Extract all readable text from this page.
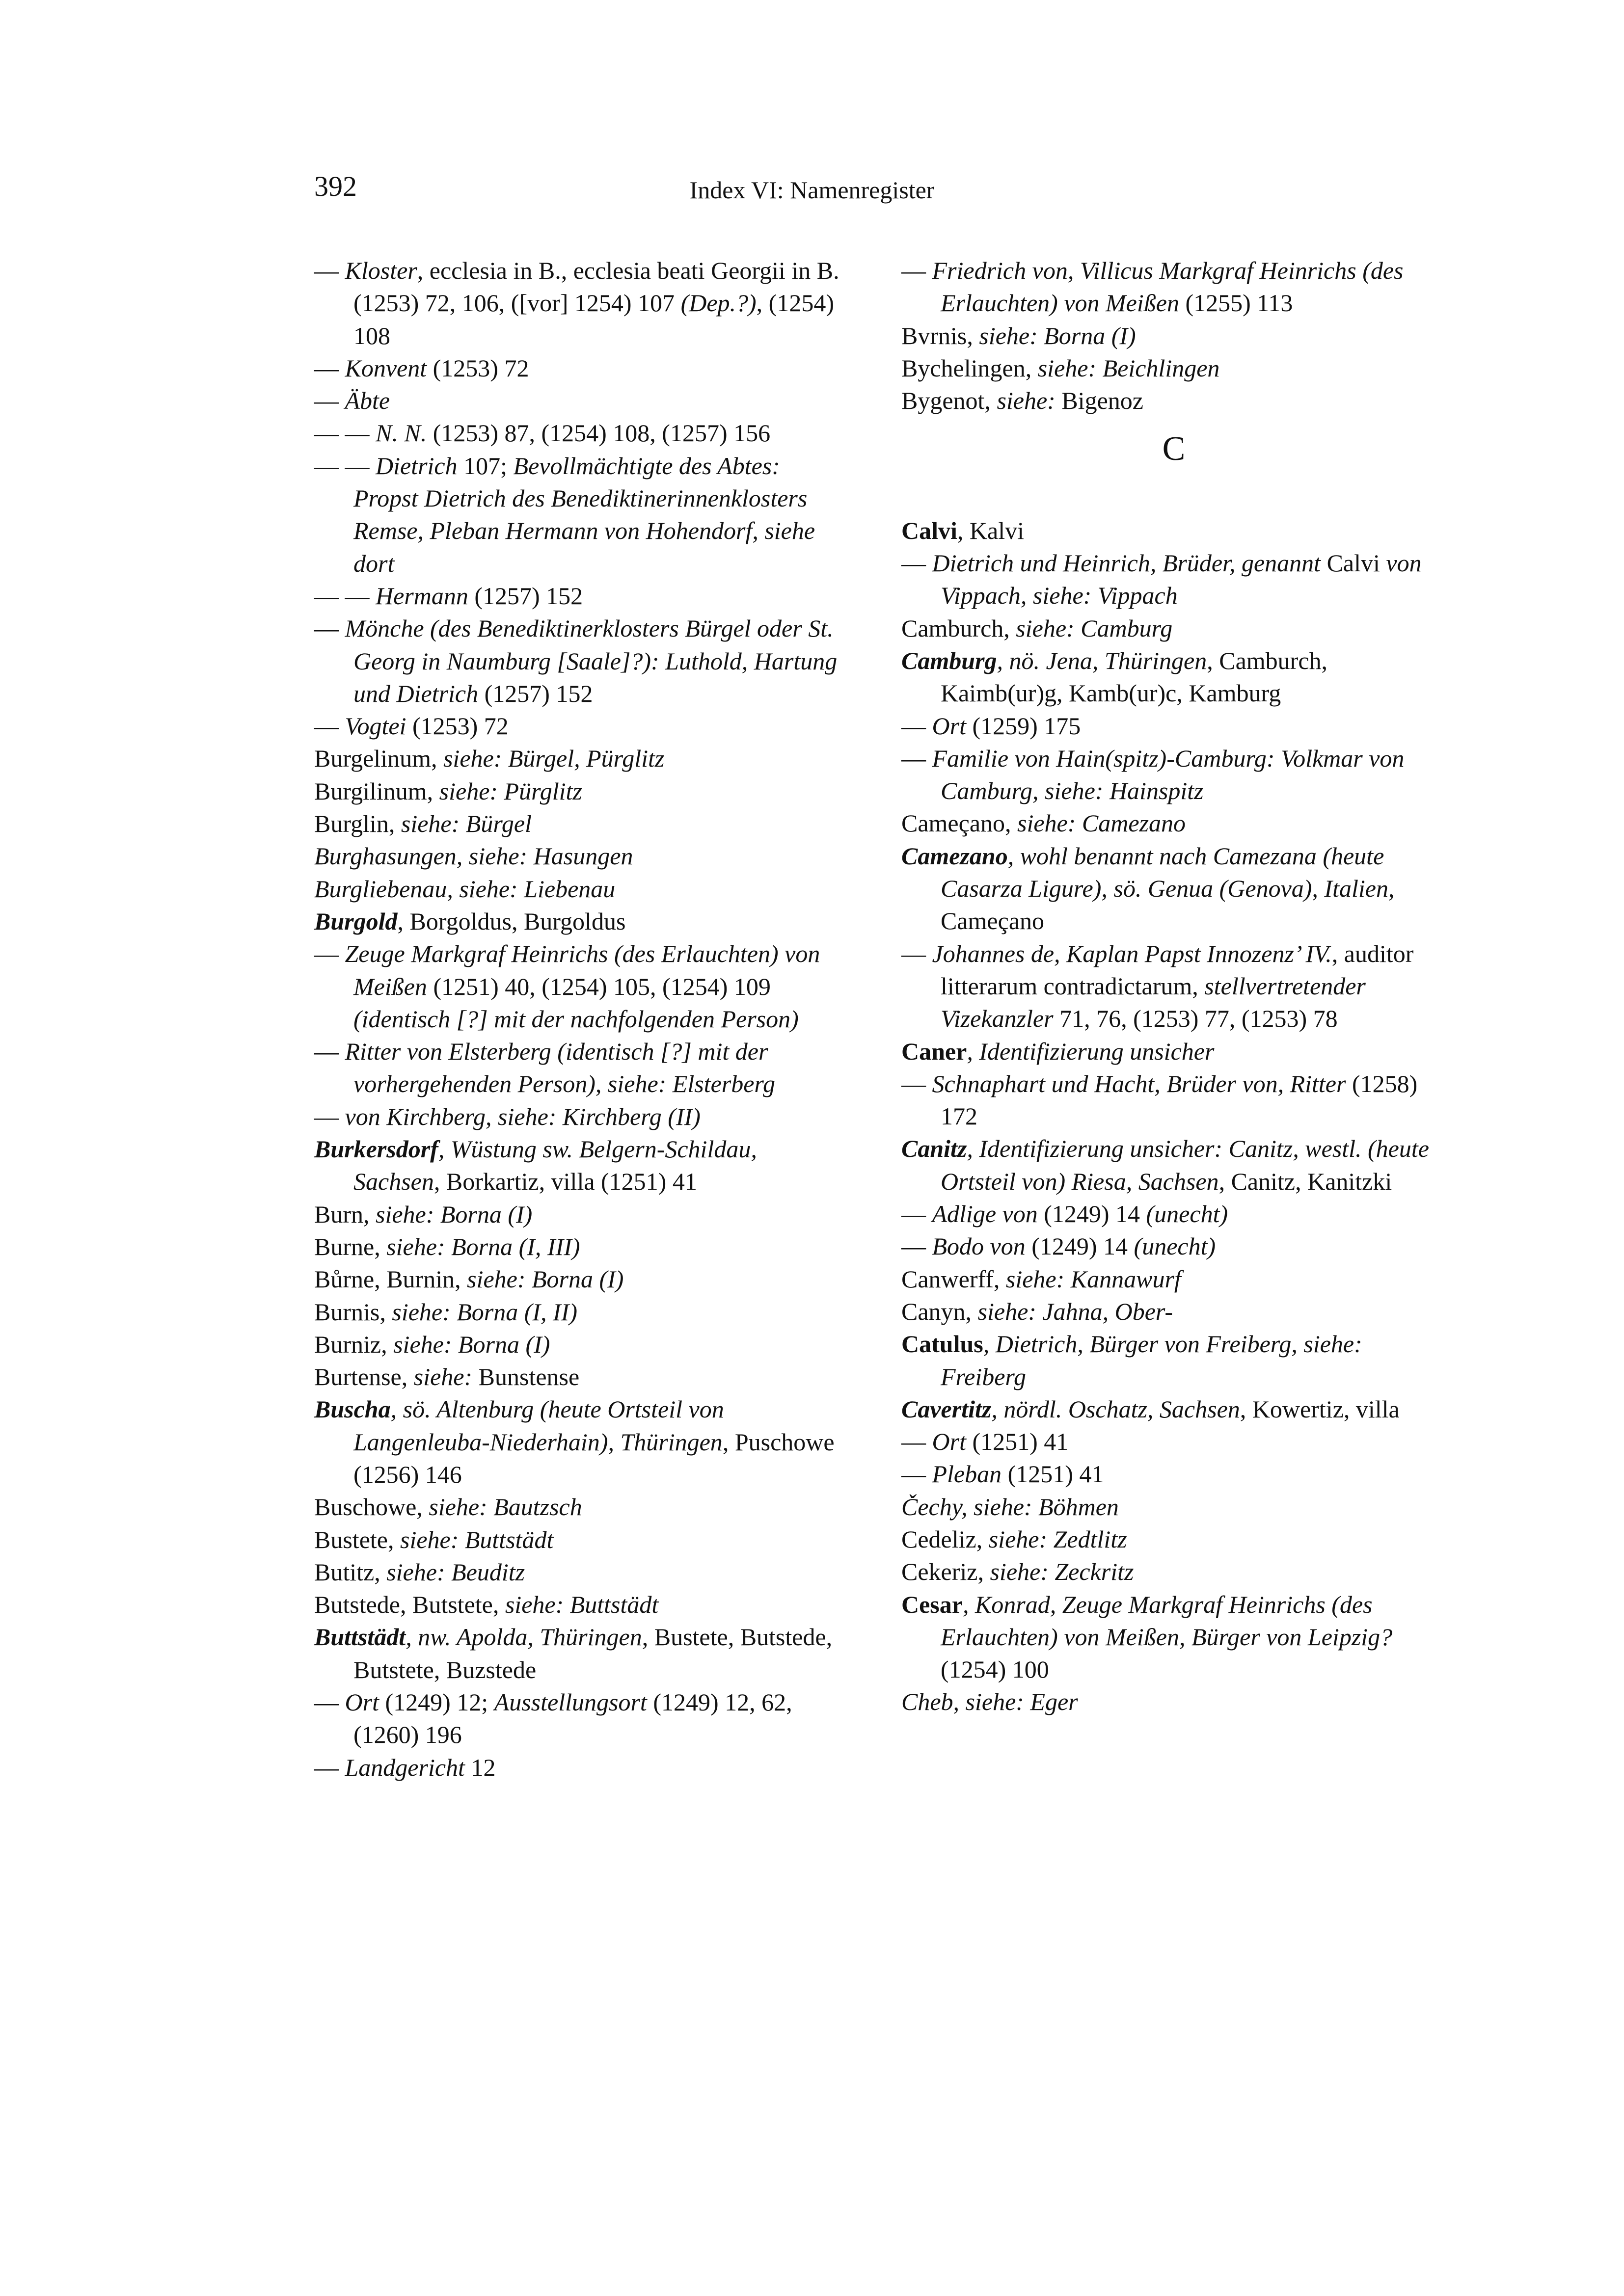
392	Index VI: Namenregister
— Kloster, ecclesia in B., ecclesia beati Georgii in B. (1253) 72, 106, ([vor] 1254) 107 (Dep.?), (1254) 108
— Konvent (1253) 72
— Äbte
— — N. N. (1253) 87, (1254) 108, (1257) 156
— — Dietrich 107; Bevollmächtigte des Abtes: Propst Dietrich des Benediktinerinnenklosters Remse, Pleban Hermann von Hohendorf, siehe dort
— — Hermann (1257) 152
— Mönche (des Benediktinerklosters Bürgel oder St. Georg in Naumburg [Saale]?): Luthold, Hartung und Dietrich (1257) 152
— Vogtei (1253) 72
Burgelinum, siehe: Bürgel, Pürglitz
Burgilinum, siehe: Pürglitz
Burglin, siehe: Bürgel
Burghasungen, siehe: Hasungen
Burgliebenau, siehe: Liebenau
Burgold, Borgoldus, Burgoldus
— Zeuge Markgraf Heinrichs (des Erlauchten) von Meißen (1251) 40, (1254) 105, (1254) 109 (identisch [?] mit der nachfolgenden Person)
— Ritter von Elsterberg (identisch [?] mit der vorhergehenden Person), siehe: Elsterberg
— von Kirchberg, siehe: Kirchberg (II)
Burkersdorf, Wüstung sw. Belgern-Schildau, Sachsen, Borkartiz, villa (1251) 41
Burn, siehe: Borna (I)
Burne, siehe: Borna (I, III)
Bůrne, Burnin, siehe: Borna (I)
Burnis, siehe: Borna (I, II)
Burniz, siehe: Borna (I)
Burtense, siehe: Bunstense
Buscha, sö. Altenburg (heute Ortsteil von Langenleuba-Niederhain), Thüringen, Puschowe (1256) 146
Buschowe, siehe: Bautzsch
Bustete, siehe: Buttstädt
Butitz, siehe: Beuditz
Butstede, Butstete, siehe: Buttstädt
Buttstädt, nw. Apolda, Thüringen, Bustete, Butstede, Butstete, Buzstede
— Ort (1249) 12; Ausstellungsort (1249) 12, 62, (1260) 196
— Landgericht 12
— Friedrich von, Villicus Markgraf Heinrichs (des Erlauchten) von Meißen (1255) 113
Bvrnis, siehe: Borna (I)
Bychelingen, siehe: Beichlingen
Bygenot, siehe: Bigenoz
C
Calvi, Kalvi
— Dietrich und Heinrich, Brüder, genannt Calvi von Vippach, siehe: Vippach
Camburch, siehe: Camburg
Camburg, nö. Jena, Thüringen, Camburch, Kaimb(ur)g, Kamb(ur)c, Kamburg
— Ort (1259) 175
— Familie von Hain(spitz)-Camburg: Volkmar von Camburg, siehe: Hainspitz
Cameçano, siehe: Camezano
Camezano, wohl benannt nach Camezana (heute Casarza Ligure), sö. Genua (Genova), Italien, Cameçano
— Johannes de, Kaplan Papst Innozenz’ IV., auditor litterarum contradictarum, stellvertretender Vizekanzler 71, 76, (1253) 77, (1253) 78
Caner, Identifizierung unsicher
— Schnaphart und Hacht, Brüder von, Ritter (1258) 172
Canitz, Identifizierung unsicher: Canitz, westl. (heute Ortsteil von) Riesa, Sachsen, Canitz, Kanitzki
— Adlige von (1249) 14 (unecht)
— Bodo von (1249) 14 (unecht)
Canwerff, siehe: Kannawurf
Canyn, siehe: Jahna, Ober-
Catulus, Dietrich, Bürger von Freiberg, siehe: Freiberg
Cavertitz, nördl. Oschatz, Sachsen, Kowertiz, villa
— Ort (1251) 41
— Pleban (1251) 41
Čechy, siehe: Böhmen
Cedeliz, siehe: Zedtlitz
Cekeriz, siehe: Zeckritz
Cesar, Konrad, Zeuge Markgraf Heinrichs (des Erlauchten) von Meißen, Bürger von Leipzig? (1254) 100
Cheb, siehe: Eger
